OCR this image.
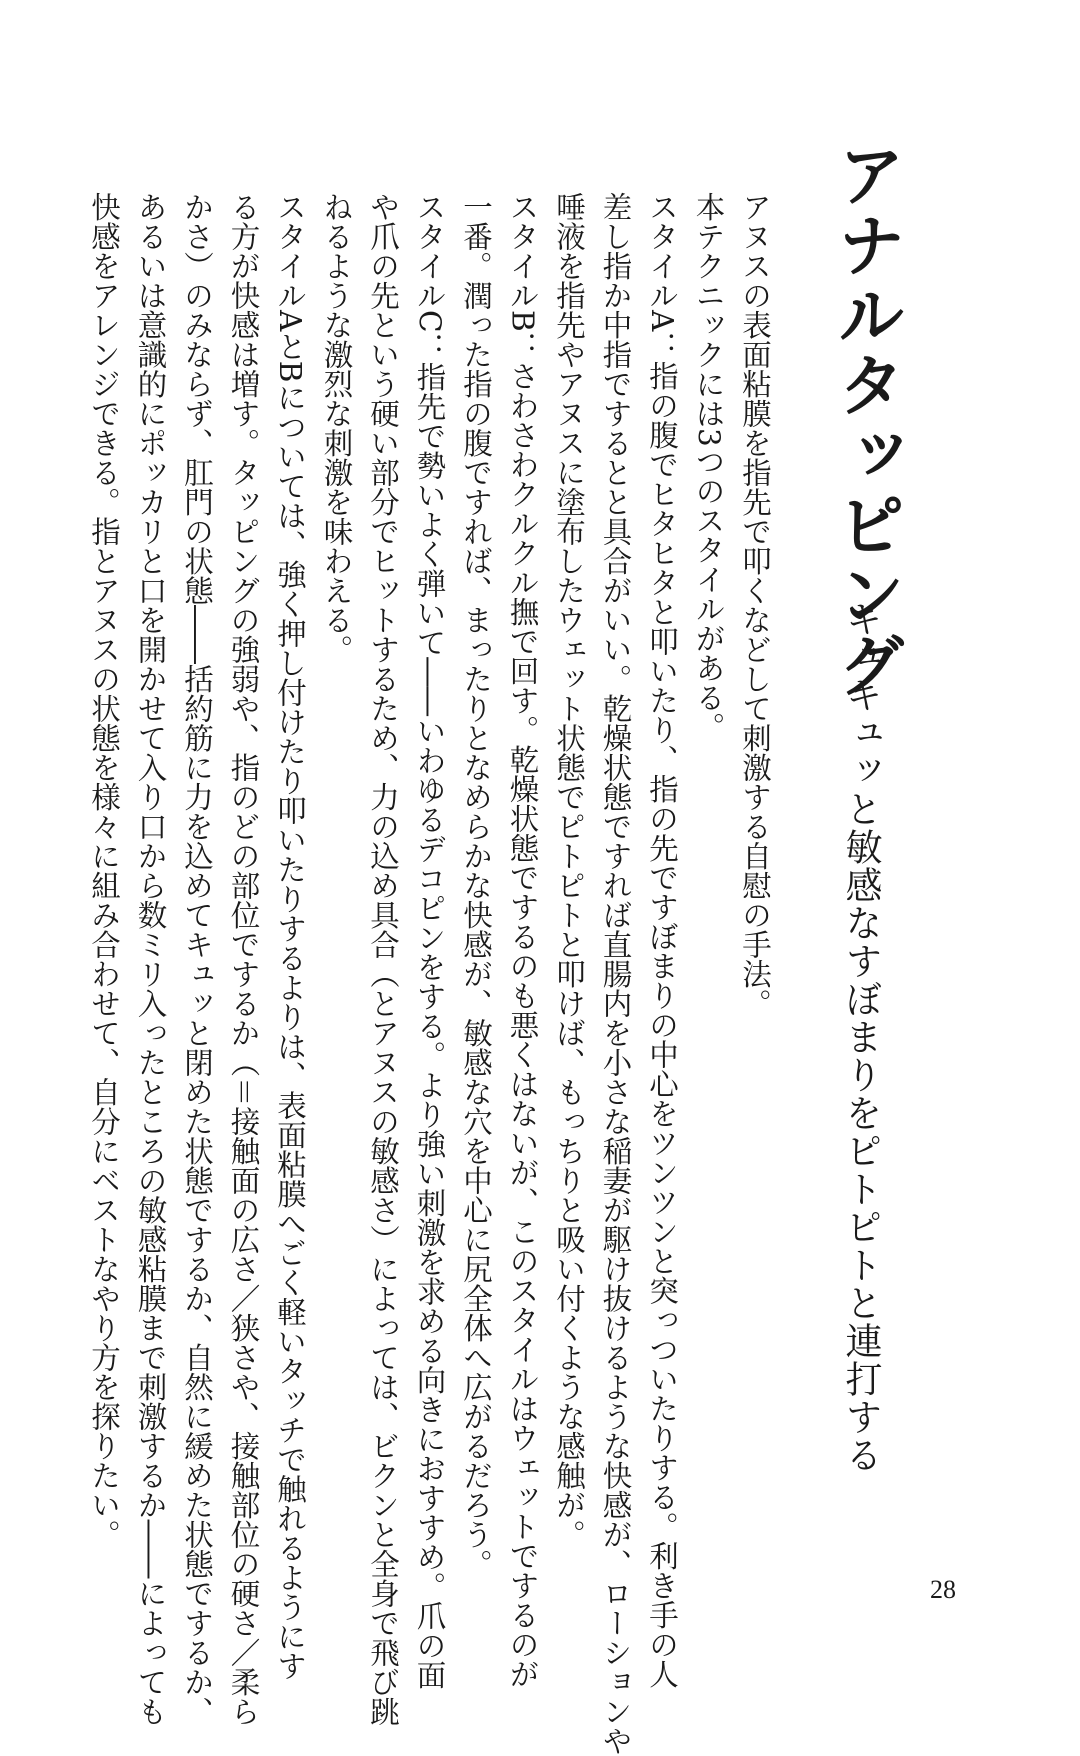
アナルタッピング
キュキュッと敏感なすぼまりをピトピトと連打する

アヌスの表面粘膜を指先で叩くなどして刺激する自慰の手法。

本テクニックには3つのスタイルがある。

スタイルA：指の腹でヒタヒタと叩いたり、指の先ですぼまりの中心をツンツンと突っついたりする。利き手の人

差し指か中指でするとと具合がいい。乾燥状態ですれば直腸内を小さな稲妻が駆け抜けるような快感が、ローションや

唾液を指先やアヌスに塗布したウェット状態でピトピトと叩けば、もっちりと吸い付くような感触が。

スタイルB：さわさわクルクル撫で回す。乾燥状態でするのも悪くはないが、このスタイルはウェットでするのが

一番。潤った指の腹ですれば、まったりとなめらかな快感が、敏感な穴を中心に尻全体へ広がるだろう。

スタイルC：指先で勢いよく弾いて――いわゆるデコピンをする。より強い刺激を求める向きにおすすめ。爪の面

や爪の先という硬い部分でヒットするため、力の込め具合（とアヌスの敏感さ）によっては、ビクンと全身で飛び跳

ねるような激烈な刺激を味わえる。

スタイルAとBについては、強く押し付けたり叩いたりするよりは、表面粘膜へごく軽いタッチで触れるようにす

る方が快感は増す。タッピングの強弱や、指のどの部位でするか（＝接触面の広さ／狭さや、接触部位の硬さ／柔ら

かさ）のみならず、肛門の状態――括約筋に力を込めてキュッと閉めた状態でするか、自然に緩めた状態でするか、

あるいは意識的にポッカリと口を開かせて入り口から数ミリ入ったところの敏感粘膜まで刺激するか――によっても

快感をアレンジできる。指とアヌスの状態を様々に組み合わせて、自分にベストなやり方を探りたい。

28
